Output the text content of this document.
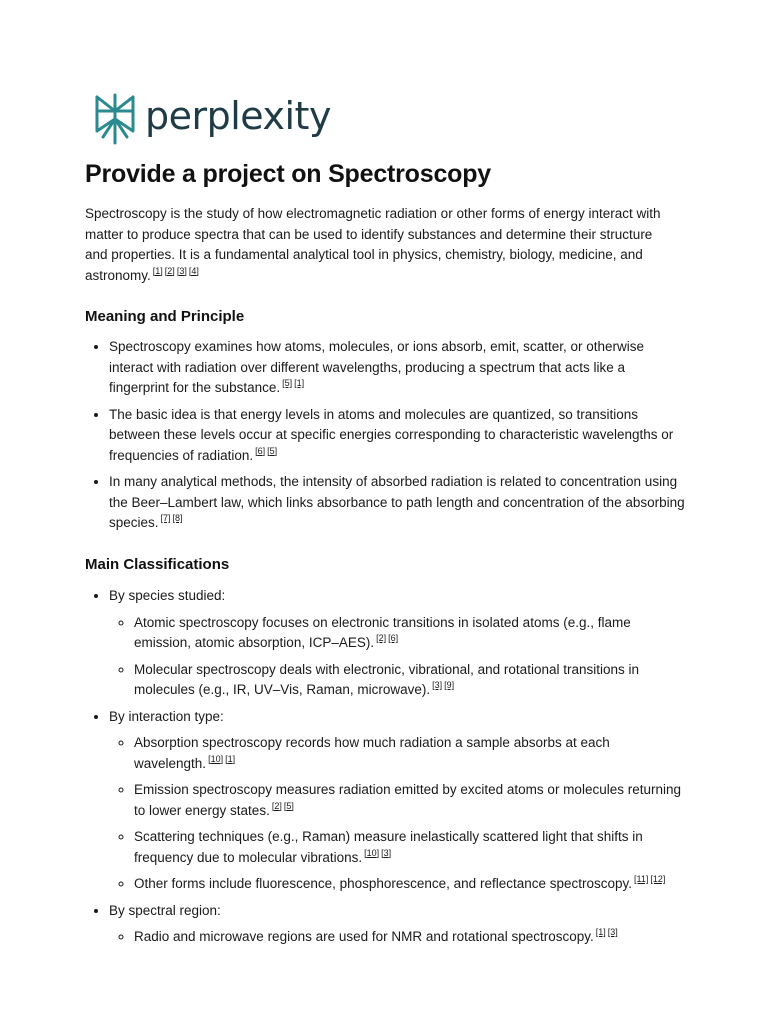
perplexity
Provide a project on Spectroscopy

Spectroscopy is the study of how electromagnetic radiation or other forms of energy interact with matter to produce spectra that can be used to identify substances and determine their structure and properties. It is a fundamental analytical tool in physics, chemistry, biology, medicine, and astronomy. [1] [2] [3] [4]

Meaning and Principle
• Spectroscopy examines how atoms, molecules, or ions absorb, emit, scatter, or otherwise interact with radiation over different wavelengths, producing a spectrum that acts like a fingerprint for the substance. [5] [1]
• The basic idea is that energy levels in atoms and molecules are quantized, so transitions between these levels occur at specific energies corresponding to characteristic wavelengths or frequencies of radiation. [6] [5]
• In many analytical methods, the intensity of absorbed radiation is related to concentration using the Beer–Lambert law, which links absorbance to path length and concentration of the absorbing species. [7] [8]
Main Classifications
• By species studied:
◦ Atomic spectroscopy focuses on electronic transitions in isolated atoms (e.g., flame emission, atomic absorption, ICP–AES). [2] [6]
◦ Molecular spectroscopy deals with electronic, vibrational, and rotational transitions in molecules (e.g., IR, UV–Vis, Raman, microwave). [3] [9]
• By interaction type:
◦ Absorption spectroscopy records how much radiation a sample absorbs at each wavelength. [10] [1]
◦ Emission spectroscopy measures radiation emitted by excited atoms or molecules returning to lower energy states. [2] [5]
◦ Scattering techniques (e.g., Raman) measure inelastically scattered light that shifts in frequency due to molecular vibrations. [10] [3]
◦ Other forms include fluorescence, phosphorescence, and reflectance spectroscopy. [11] [12]
• By spectral region:
◦ Radio and microwave regions are used for NMR and rotational spectroscopy. [1] [3]
